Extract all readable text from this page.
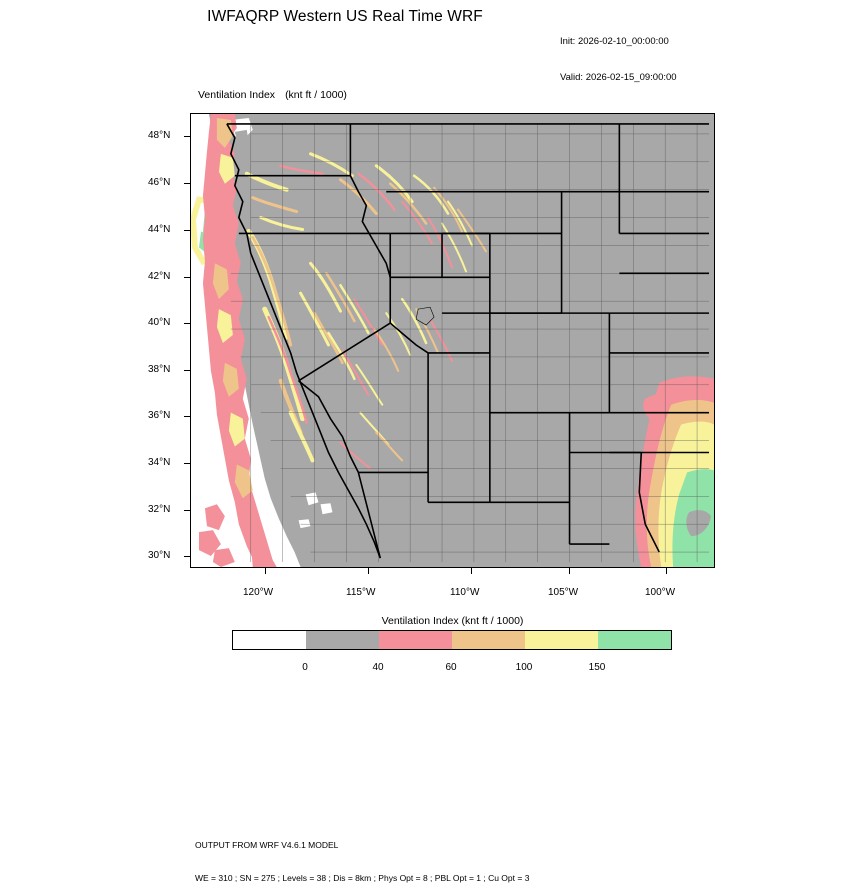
IWFAQRP Western US Real Time WRF

Init: 2026-02-10_00:00:00

Valid: 2026-02-15_09:00:00

Ventilation Index (knt ft / 1000)
48°N
46°N
44°N
42°N
40°N
38°N
36°N
34°N
32°N
30°N
120°W	115°W	110°W	105°W	100°W
Ventilation Index (knt ft / 1000)
0	40	60	100	150

OUTPUT FROM WRF V4.6.1 MODEL

WE = 310 ; SN = 275 ; Levels = 38 ; Dis = 8km ; Phys Opt = 8 ; PBL Opt = 1 ; Cu Opt = 3
